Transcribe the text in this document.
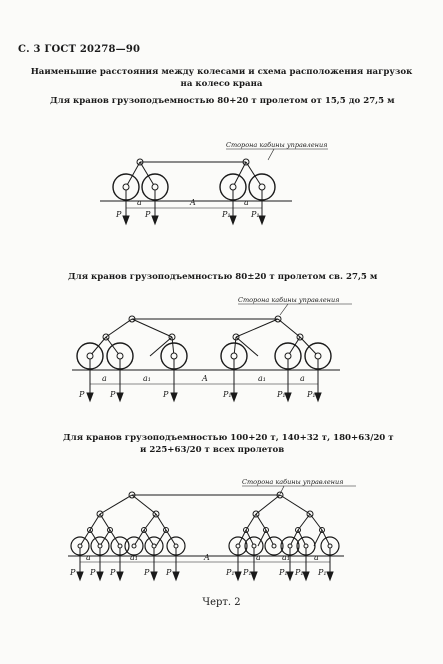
С. 3 ГОСТ 20278—90
Наименьшие расстояния между колесами и схема расположения нагрузок
на колесо крана
Для кранов грузоподъемностью 80+20 т пролетом от 15,5 до 27,5 м
Для кранов грузоподъемностью 80±20 т пролетом св. 27,5 м
Для кранов грузоподъемностью 100+20 т, 140+32 т, 180+63/20 т
и 225+63/20 т всех пролетов
Сторона кабины управления
a	A	a
P	P	P₁	P₁
Сторона кабины управления
a	a₁	A	a₁	a
P	P	P	P₁	P₁	P₁
Сторона кабины управления
a	a₁	A	a	a₁	a
P P P	P P	P₁ P₁	P₁ P₁ P₁
Черт. 2
